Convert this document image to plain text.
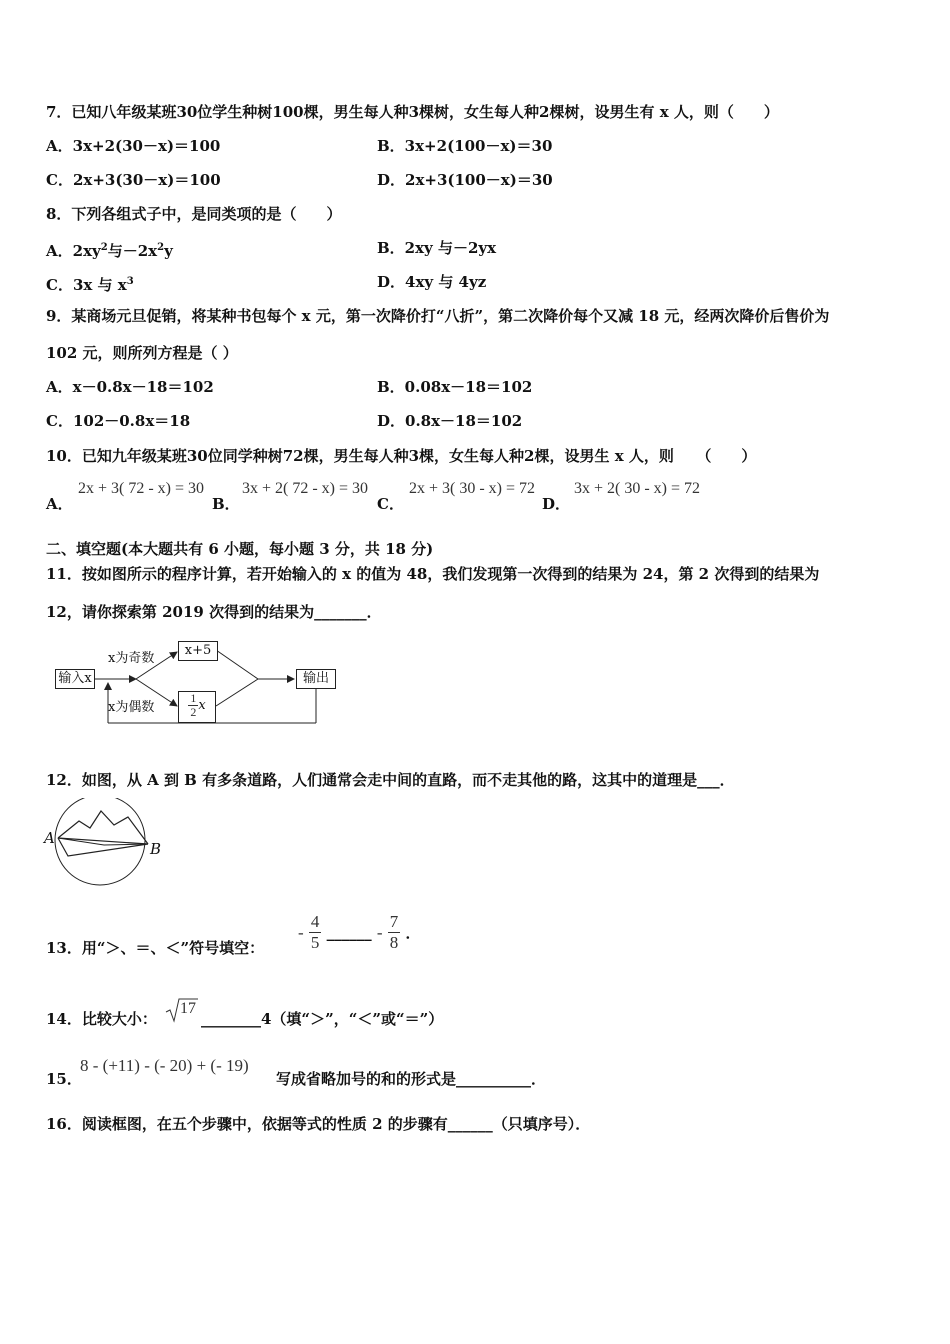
7．已知八年级某班30位学生种树100棵，男生每人种3棵树，女生每人种2棵树，设男生有 x 人，则（　　）
A．3x+2(30－x)＝100	B．3x+2(100－x)＝30
C．2x+3(30－x)＝100	D．2x+3(100－x)＝30
8．下列各组式子中，是同类项的是（　　）
A．$2xy^2$与$-2x^2y$	B．2xy 与－2yx
C．3x 与 $x^3$	D．4xy 与 4yz
9．某商场元旦促销，将某种书包每个 x 元，第一次降价打“八折”，第二次降价每个又减 18 元，经两次降价后售价为
102 元，则所列方程是（ ）
A．x－0.8x－18＝102	B．0.08x－18＝102
C．102－0.8x＝18	D．0.8x－18＝102
10．已知九年级某班30位同学种树72棵，男生每人种3棵，女生每人种2棵，设男生 x 人，则　　（　　）
A．
2x + 3( 72 - x) = 30
B．
3x + 2( 72 - x) = 30
C．
2x + 3( 30 - x) = 72
D．
3x + 2( 30 - x) = 72
二、填空题(本大题共有 6 小题，每小题 3 分，共 18 分)
11．按如图所示的程序计算，若开始输入的 x 的值为 48，我们发现第一次得到的结果为 24，第 2 次得到的结果为
12，请你探索第 2019 次得到的结果为_______．
输入x
x为奇数
x为偶数
x+5
$\frac{1}{2}$ x
输出
12．如图，从 A 到 B 有多条道路，人们通常会走中间的直路，而不走其他的路，这其中的道理是___．
A
B
13．用“＞、＝、＜”符号填空：
- $\frac{4}{5}$ ______ - $\frac{7}{8}$ ．
14．比较大小：
17
________4（填“＞”，“＜”或“＝”）
15．
8 - (+11) - (- 20) + (- 19)
写成省略加号的和的形式是__________．
16．阅读框图，在五个步骤中，依据等式的性质 2 的步骤有______（只填序号）．
